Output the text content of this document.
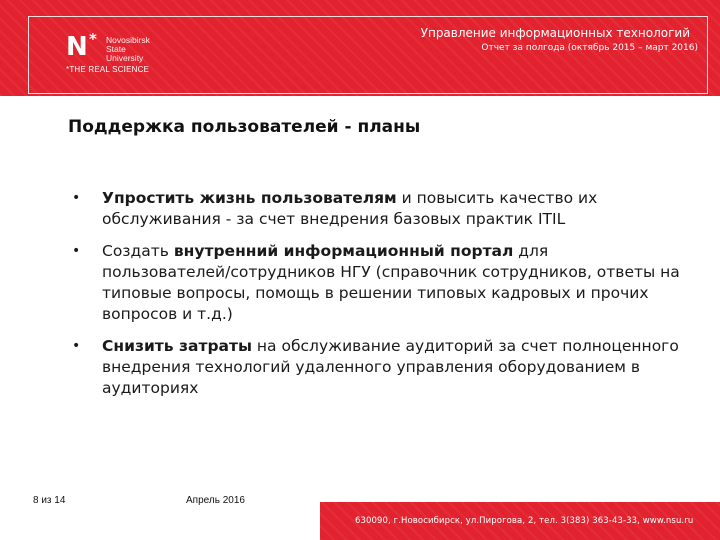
N * Novosibirsk
State
University
*THE REAL SCIENCE
Управление информационных технологий
Отчет за полгода (октябрь 2015 – март 2016)
Поддержка пользователей - планы
• Упростить жизнь пользователям и повысить качество их обслуживания - за счет внедрения базовых практик ITIL
• Создать внутренний информационный портал для пользователей/сотрудников НГУ (справочник сотрудников, ответы на типовые вопросы, помощь в решении типовых кадровых и прочих вопросов и т.д.)
• Снизить затраты на обслуживание аудиторий за счет полноценного внедрения технологий удаленного управления оборудованием в аудиториях
8 из 14	Апрель 2016
630090, г.Новосибирск, ул.Пирогова, 2, тел. 3(383) 363-43-33, www.nsu.ru
